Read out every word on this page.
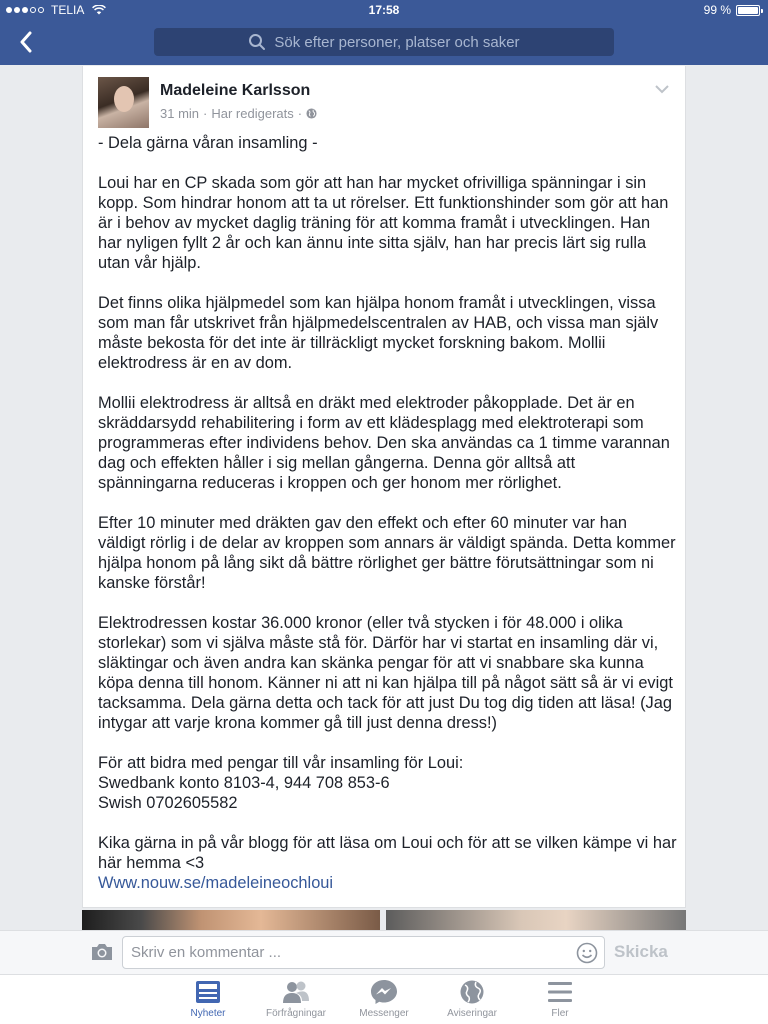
TELIA	17:58	99 %
Sök efter personer, platser och saker
Madeleine Karlsson
31 min · Har redigerats ·

- Dela gärna våran insamling -

Loui har en CP skada som gör att han har mycket ofrivilliga spänningar i sin kopp. Som hindrar honom att ta ut rörelser. Ett funktionshinder som gör att han är i behov av mycket daglig träning för att komma framåt i utvecklingen. Han har nyligen fyllt 2 år och kan ännu inte sitta själv, han har precis lärt sig rulla utan vår hjälp.

Det finns olika hjälpmedel som kan hjälpa honom framåt i utvecklingen, vissa som man får utskrivet från hjälpmedelscentralen av HAB, och vissa man själv måste bekosta för det inte är tillräckligt mycket forskning bakom. Mollii elektrodress är en av dom.

Mollii elektrodress är alltså en dräkt med elektroder påkopplade. Det är en skräddarsydd rehabilitering i form av ett klädesplagg med elektroterapi som programmeras efter individens behov. Den ska användas ca 1 timme varannan dag och effekten håller i sig mellan gångerna. Denna gör alltså att spänningarna reduceras i kroppen och ger honom mer rörlighet.

Efter 10 minuter med dräkten gav den effekt och efter 60 minuter var han väldigt rörlig i de delar av kroppen som annars är väldigt spända. Detta kommer hjälpa honom på lång sikt då bättre rörlighet ger bättre förutsättningar som ni kanske förstår!

Elektrodressen kostar 36.000 kronor (eller två stycken i för 48.000 i olika storlekar) som vi själva måste stå för. Därför har vi startat en insamling där vi, släktingar och även andra kan skänka pengar för att vi snabbare ska kunna köpa denna till honom. Känner ni att ni kan hjälpa till på något sätt så är vi evigt tacksamma. Dela gärna detta och tack för att just Du tog dig tiden att läsa! (Jag intygar att varje krona kommer gå till just denna dress!)

För att bidra med pengar till vår insamling för Loui:
Swedbank konto 8103-4, 944 708 853-6
Swish 0702605582

Kika gärna in på vår blogg för att läsa om Loui och för att se vilken kämpe vi har här hemma <3

Www.nouw.se/madeleineochloui
Skriv en kommentar ...
Skicka
Nyheter	Förfrågningar	Messenger	Aviseringar	Fler
